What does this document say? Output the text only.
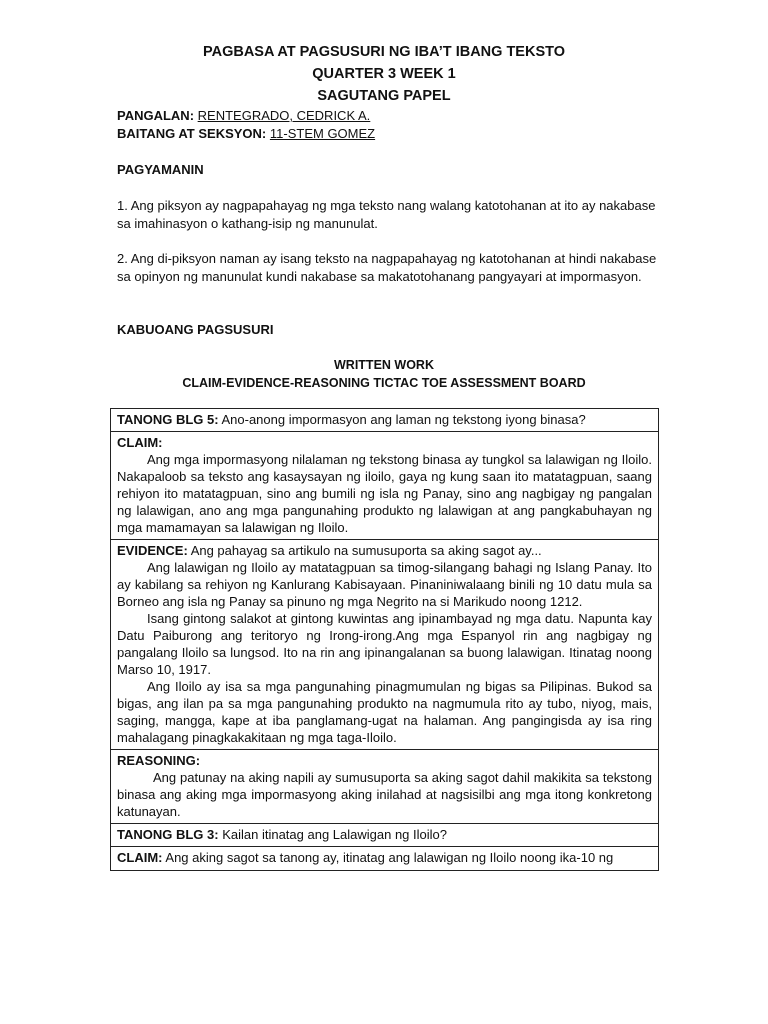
PAGBASA AT PAGSUSURI NG IBA’T IBANG TEKSTO
QUARTER 3 WEEK 1
SAGUTANG PAPEL
PANGALAN: RENTEGRADO, CEDRICK A.
BAITANG AT SEKSYON: 11-STEM GOMEZ
PAGYAMANIN
1. Ang piksyon ay nagpapahayag ng mga teksto nang walang katotohanan at ito ay nakabase sa imahinasyon o kathang-isip ng manunulat.
2. Ang di-piksyon naman ay isang teksto na nagpapahayag ng katotohanan at hindi nakabase sa opinyon ng manunulat kundi nakabase sa makatotohanang pangyayari at impormasyon.
KABUOANG PAGSUSURI
WRITTEN WORK
CLAIM-EVIDENCE-REASONING TICTAC TOE ASSESSMENT BOARD
TANONG BLG 5: Ano-anong impormasyon ang laman ng tekstong iyong binasa?

CLAIM:

Ang mga impormasyong nilalaman ng tekstong binasa ay tungkol sa lalawigan ng Iloilo. Nakapaloob sa teksto ang kasaysayan ng iloilo, gaya ng kung saan ito matatagpuan, saang rehiyon ito matatagpuan, sino ang bumili ng isla ng Panay, sino ang nagbigay ng pangalan ng lalawigan, ano ang mga pangunahing produkto ng lalawigan at ang pangkabuhayan ng mga mamamayan sa lalawigan ng Iloilo.

EVIDENCE: Ang pahayag sa artikulo na sumusuporta sa aking sagot ay...

Ang lalawigan ng Iloilo ay matatagpuan sa timog-silangang bahagi ng Islang Panay. Ito ay kabilang sa rehiyon ng Kanlurang Kabisayaan. Pinaniniwalaang binili ng 10 datu mula sa Borneo ang isla ng Panay sa pinuno ng mga Negrito na si Marikudo noong 1212.

Isang gintong salakot at gintong kuwintas ang ipinambayad ng mga datu. Napunta kay Datu Paiburong ang teritoryo ng Irong-irong.Ang mga Espanyol rin ang nagbigay ng pangalang Iloilo sa lungsod. Ito na rin ang ipinangalanan sa buong lalawigan. Itinatag noong Marso 10, 1917.

Ang Iloilo ay isa sa mga pangunahing pinagmumulan ng bigas sa Pilipinas. Bukod sa bigas, ang ilan pa sa mga pangunahing produkto na nagmumula rito ay tubo, niyog, mais, saging, mangga, kape at iba panglamang-ugat na halaman. Ang pangingisda ay isa ring mahalagang pinagkakakitaan ng mga taga-Iloilo.

REASONING:

Ang patunay na aking napili ay sumusuporta sa aking sagot dahil makikita sa tekstong binasa ang aking mga impormasyong aking inilahad at nagsisilbi ang mga itong konkretong katunayan.

TANONG BLG 3: Kailan itinatag ang Lalawigan ng Iloilo?

CLAIM: Ang aking sagot sa tanong ay, itinatag ang lalawigan ng Iloilo noong ika-10 ng
